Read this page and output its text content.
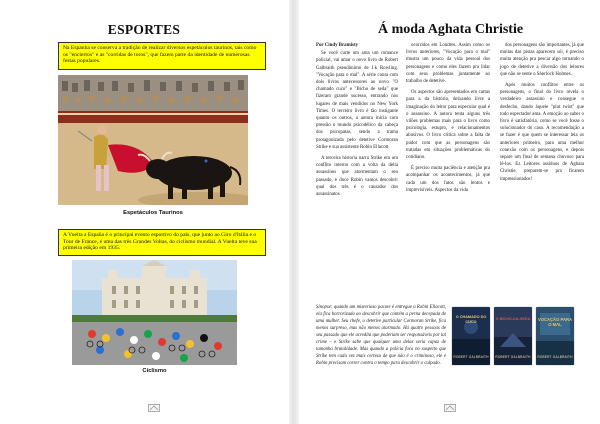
ESPORTES
Na Espanha se conserva a tradição de realizar diversos espetáculos taurinos, tais como os "encierros" e as "corridas de toros", que fazem parte da identidade de numerosas festas populares.
Espetáculos Taurinos
A Vuelta a España é o principal evento esportivo do país, que junto ao Giro d'Itália e o Tour de France, é uma das três Grandes Voltas, do ciclismo mundial. A Vuelta teve sua primeira edição em 1935.
Ciclismo
Á moda Aghata Christie
Por Cindy Bramisty

Se você curte um ama um romance policial, vai amar o novo livro de Robert Galbraith pseudônimo de J.k Rowling. "Vocação para o mal". A série conta com dois livros antecessores ao novo "O chamado cuco" e "Bicho de seda" que fizeram grande sucesso, entrando nos lugares de mais vendidos no New York Times. O terceiro livro é tão instigante quanto os outros, a autora inicia com pressão o mundo psicodélico da cabeça dos psicopatas, sendo a trama protagonizada pelo detetive Cormoran Strike e sua assistente Robin Ellacott.

A terceira historia narra Strike em um conflito interno com a volta da delta assassinos que atormentam o seu passado, e doce Robin vamos descobrir qual dos três é o causador dos assassinatos

ocorridos em Londres. Assim como os livros anteriores, "Vocação para o mal" mostra um pouco da vida pessoal dos personagens e como eles fazem pra lidar com seus problemas juntamente ao trabalho de detetive.

Os aspectos são apresentados em cartas para a da história, deixando livre a imaginação do leitor para especular qual é o assassino. A autora tenta alguns três vilões problemas mais para o livro como psicologia, estupro, e relacionamentos abusivos. O livro critica sobre a falta de pudor com que as personagens são tratadas em situações problemáticas do cotidiano.

É preciso muita paciência e atenção pra acompanhar os acontecimentos, já que cada um dos fatos são lentos e imprevisíveis. Aspectos da vida

dos personagens são importantes, já que muitas das pistas aparecem sói, é preciso muita atenção pra pescar algo tornando o jogo de detetive a diversão dos leitores que não se sente o Sherlock Holmes.

Após muitos conflitos entre os personagens, o final do livro revela o verdadeiro assassino e consegue o desfecho, dando àquele "plot twist" que todo espectador ama. A emoção ao saber o livro é satisfatória, como se você fosse o solucionador do caso. A recomendação a se fazer é que quem se interessar leia os anteriores primeiro, para uma melhor conexão com os personagens, e depois separe um final de semana chuvoso para lê-los. Ez Leitores assíduos de Aghata Christie, preparem-se pra ficarem impressionados!

Sinopse: quando um misterioso pacote é entregue a Robin Ellacott, ela fica horrorizada ao descobrir que contém a perna decepada de uma mulher. Seu chefe, o detetive particular Cormoran Strike, fica menos surpreso, mas não menos alarmado. Há quatro pessoas de seu passado que ele acredita que poderiam ser responsáveis por tal crime – e Strike sabe que qualquer uma delas seria capaz de tamanha brutalidade. Mas quando a polícia foca no suspeito que Strike tem cada vez mais certeza de que não é o criminoso, ele e Robin precisam correr contra o tempo para descobrir o culpado.
O CHAMADO DO CUCO
ROBERT GALBRAITH
O BICHO-DA-SEDA
ROBERT GALBRAITH
VOCAÇÃO PARA O MAL
ROBERT GALBRAITH
